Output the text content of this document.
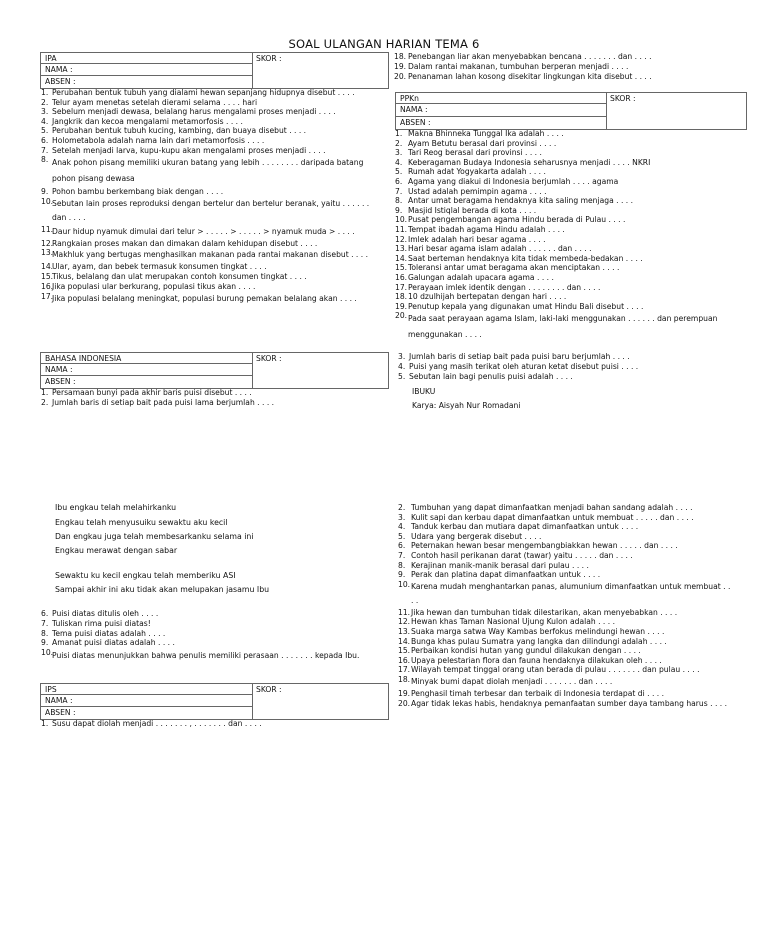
SOAL ULANGAN HARIAN TEMA 6
IPA	SKOR :
NAMA :
ABSEN :
1. Perubahan bentuk tubuh yang dialami hewan sepanjang hidupnya disebut . . . .
2. Telur ayam menetas setelah dierami selama . . . . hari
3. Sebelum menjadi dewasa, belalang harus mengalami proses menjadi . . . .
4. Jangkrik dan kecoa mengalami metamorfosis . . . .
5. Perubahan bentuk tubuh kucing, kambing, dan buaya disebut . . . .
6. Holometabola adalah nama lain dari metamorfosis . . . .
7. Setelah menjadi larva, kupu-kupu akan mengalami proses menjadi . . . .
8. Anak pohon pisang memiliki ukuran batang yang lebih . . . . . . . . daripada batang pohon pisang dewasa
9. Pohon bambu berkembang biak dengan . . . .
10.
Sebutan lain proses reproduksi dengan bertelur dan bertelur beranak, yaitu . . . . . . dan . . . .
11.
Daur hidup nyamuk dimulai dari telur > . . . . . > . . . . . > nyamuk muda > . . . .
12.
Rangkaian proses makan dan dimakan dalam kehidupan disebut . . . .
13.
Makhluk yang bertugas menghasilkan makanan pada rantai makanan disebut . . . .
14.
Ular, ayam, dan bebek termasuk konsumen tingkat . . . .
15.
Tikus, belalang dan ulat merupakan contoh konsumen tingkat . . . .
16.
Jika populasi ular berkurang, populasi tikus akan . . . .
17.
Jika populasi belalang meningkat, populasi burung pemakan belalang akan . . . .
18. Penebangan liar akan menyebabkan bencana . . . . . . . dan . . . .
19. Dalam rantai makanan, tumbuhan berperan menjadi . . . .
20. Penanaman lahan kosong disekitar lingkungan kita disebut . . . .
PPKn	SKOR :
NAMA :
ABSEN :
1. Makna Bhinneka Tunggal Ika adalah . . . .
2. Ayam Betutu berasal dari provinsi . . . .
3. Tari Reog berasal dari provinsi . . . .
4. Keberagaman Budaya Indonesia seharusnya menjadi . . . . NKRI
5. Rumah adat Yogyakarta adalah . . . .
6. Agama yang diakui di Indonesia berjumlah . . . . agama
7. Ustad adalah pemimpin agama . . . .
8. Antar umat beragama hendaknya kita saling menjaga . . . .
9. Masjid Istiqlal berada di kota . . . .
10. Pusat pengembangan agama Hindu berada di Pulau . . . .
11. Tempat ibadah agama Hindu adalah . . . .
12. Imlek adalah hari besar agama . . . .
13. Hari besar agama islam adalah . . . . . . dan . . . .
14. Saat berteman hendaknya kita tidak membeda-bedakan . . . .
15. Toleransi antar umat beragama akan menciptakan . . . .
16. Galungan adalah upacara agama . . . .
17. Perayaan imlek identik dengan . . . . . . . . dan . . . .
18. 10 dzulhijah bertepatan dengan hari . . . .
19. Penutup kepala yang digunakan umat Hindu Bali disebut . . . .
20. Pada saat perayaan agama Islam, laki-laki menggunakan . . . . . . dan perempuan menggunakan . . . .
BAHASA INDONESIA	SKOR :
NAMA :
ABSEN :
1. Persamaan bunyi pada akhir baris puisi disebut . . . .
2. Jumlah baris di setiap bait pada puisi lama berjumlah . . . .
3. Jumlah baris di setiap bait pada puisi baru berjumlah . . . .
4. Puisi yang masih terikat oleh aturan ketat disebut puisi . . . .
5. Sebutan lain bagi penulis puisi adalah . . . .
IBUKU
Karya: Aisyah Nur Romadani
Ibu engkau telah melahirkanku
Engkau telah menyusuiku sewaktu aku kecil
Dan engkau juga telah membesarkanku selama ini
Engkau merawat dengan sabar
Sewaktu ku kecil engkau telah memberiku ASI
Sampai akhir ini aku tidak akan melupakan jasamu Ibu
6. Puisi diatas ditulis oleh . . . .
7. Tuliskan rima puisi diatas!
8. Tema puisi diatas adalah . . . .
9. Amanat puisi diatas adalah . . . .
10.
Puisi diatas menunjukkan bahwa penulis memiliki perasaan . . . . . . . kepada Ibu.
IPS	SKOR :
NAMA :
ABSEN :
1. Susu dapat diolah menjadi . . . . . . . , . . . . . . . dan . . . .
2. Tumbuhan yang dapat dimanfaatkan menjadi bahan sandang adalah . . . .
3. Kulit sapi dan kerbau dapat dimanfaatkan untuk membuat . . . . . dan . . . .
4. Tanduk kerbau dan mutiara dapat dimanfaatkan untuk . . . .
5. Udara yang bergerak disebut . . . .
6. Peternakan hewan besar mengembangbiakkan hewan . . . . . dan . . . .
7. Contoh hasil perikanan darat (tawar) yaitu . . . . . dan . . . .
8. Kerajinan manik-manik berasal dari pulau . . . .
9. Perak dan platina dapat dimanfaatkan untuk . . . .
10. Karena mudah menghantarkan panas, alumunium dimanfaatkan untuk membuat . . . .
11. Jika hewan dan tumbuhan tidak dilestarikan, akan menyebabkan . . . .
12. Hewan khas Taman Nasional Ujung Kulon adalah . . . .
13. Suaka marga satwa Way Kambas berfokus melindungi hewan . . . .
14. Bunga khas pulau Sumatra yang langka dan dilindungi adalah . . . .
15. Perbaikan kondisi hutan yang gundul dilakukan dengan . . . .
16. Upaya pelestarian flora dan fauna hendaknya dilakukan oleh . . . .
17. Wilayah tempat tinggal orang utan berada di pulau . . . . . . . dan pulau . . . .
18. Minyak bumi dapat diolah menjadi . . . . . . . dan . . . .
19. Penghasil timah terbesar dan terbaik di Indonesia terdapat di . . . .
20. Agar tidak lekas habis, hendaknya pemanfaatan sumber daya tambang harus . . . .
